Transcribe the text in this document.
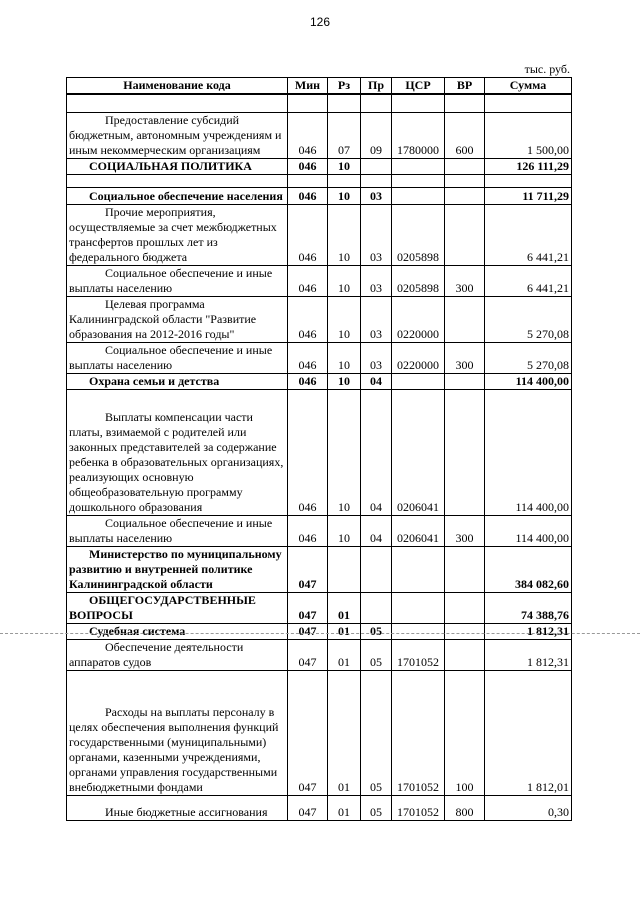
126
тыс. руб.
Наименование кода	Мин	Рз	Пр	ЦСР	ВР	Сумма

Предоставление субсидий бюджетным, автономным учреждениям и иным некоммерческим организациям	046	07	09	1780000	600	1 500,00

СОЦИАЛЬНАЯ ПОЛИТИКА	046	10				126 111,29

Социальное обеспечение населения	046	10	03			11 711,29

Прочие мероприятия, осуществляемые за счет межбюджетных трансфертов прошлых лет из федерального бюджета	046	10	03	0205898		6 441,21

Социальное обеспечение и иные выплаты населению	046	10	03	0205898	300	6 441,21

Целевая программа Калининградской области "Развитие образования на 2012-2016 годы"	046	10	03	0220000		5 270,08

Социальное обеспечение и иные выплаты населению	046	10	03	0220000	300	5 270,08

Охрана семьи и детства	046	10	04			114 400,00

Выплаты компенсации части платы, взимаемой с родителей или законных представителей за содержание ребенка в образовательных организациях, реализующих основную общеобразовательную программу дошкольного образования	046	10	04	0206041		114 400,00

Социальное обеспечение и иные выплаты населению	046	10	04	0206041	300	114 400,00

Министерство по муниципальному развитию и внутренней политике Калининградской области	047					384 082,60

ОБЩЕГОСУДАРСТВЕННЫЕ ВОПРОСЫ	047	01				74 388,76

Судебная система	047	01	05			1 812,31

Обеспечение деятельности аппаратов судов	047	01	05	1701052		1 812,31

Расходы на выплаты персоналу в целях обеспечения выполнения функций государственными (муниципальными) органами, казенными учреждениями, органами управления государственными внебюджетными фондами	047	01	05	1701052	100	1 812,01

Иные бюджетные ассигнования	047	01	05	1701052	800	0,30
